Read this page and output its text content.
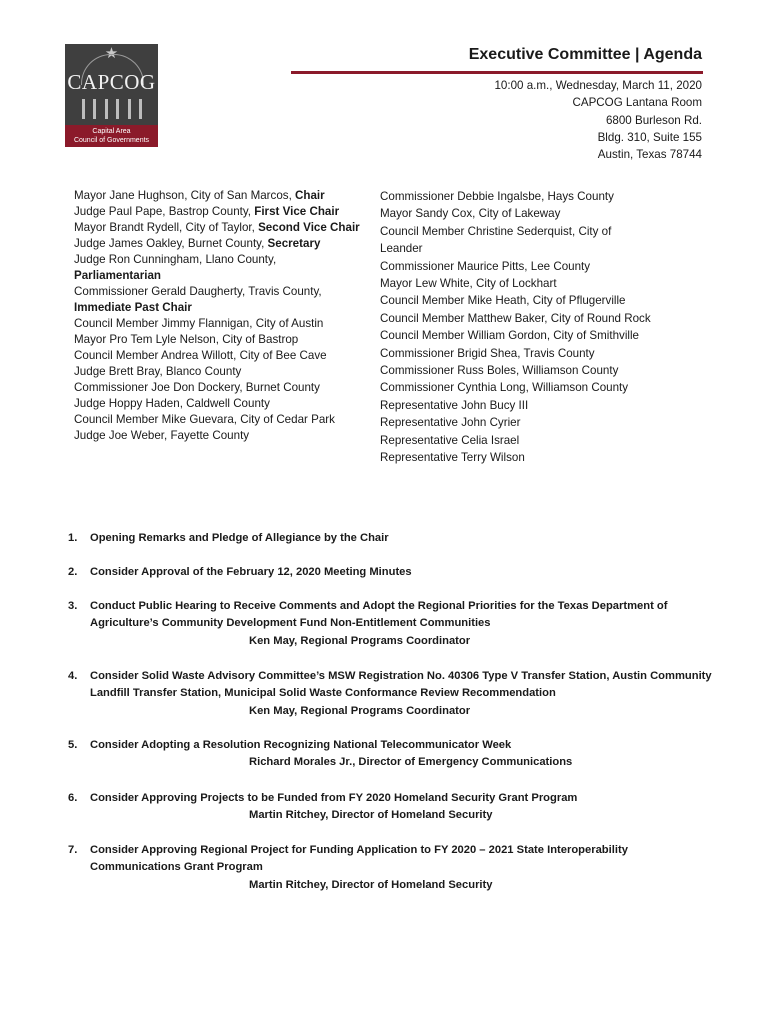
★
CAPCOG
Capital Area
Council of Governments
Executive Committee | Agenda
10:00 a.m., Wednesday, March 11, 2020
CAPCOG Lantana Room
6800 Burleson Rd.
Bldg. 310, Suite 155
Austin, Texas 78744
Mayor Jane Hughson, City of San Marcos, Chair
Judge Paul Pape, Bastrop County, First Vice Chair
Mayor Brandt Rydell, City of Taylor, Second Vice Chair
Judge James Oakley, Burnet County, Secretary
Judge Ron Cunningham, Llano County, Parliamentarian
Commissioner Gerald Daugherty, Travis County, Immediate Past Chair
Council Member Jimmy Flannigan, City of Austin
Mayor Pro Tem Lyle Nelson, City of Bastrop
Council Member Andrea Willott, City of Bee Cave
Judge Brett Bray, Blanco County
Commissioner Joe Don Dockery, Burnet County
Judge Hoppy Haden, Caldwell County
Council Member Mike Guevara, City of Cedar Park
Judge Joe Weber, Fayette County
Commissioner Debbie Ingalsbe, Hays County
Mayor Sandy Cox, City of Lakeway
Council Member Christine Sederquist, City of Leander
Commissioner Maurice Pitts, Lee County
Mayor Lew White, City of Lockhart
Council Member Mike Heath, City of Pflugerville
Council Member Matthew Baker, City of Round Rock
Council Member William Gordon, City of Smithville
Commissioner Brigid Shea, Travis County
Commissioner Russ Boles, Williamson County
Commissioner Cynthia Long, Williamson County
Representative John Bucy III
Representative John Cyrier
Representative Celia Israel
Representative Terry Wilson
1. Opening Remarks and Pledge of Allegiance by the Chair
2. Consider Approval of the February 12, 2020 Meeting Minutes
3. Conduct Public Hearing to Receive Comments and Adopt the Regional Priorities for the Texas Department of Agriculture’s Community Development Fund Non-Entitlement Communities
Ken May, Regional Programs Coordinator
4. Consider Solid Waste Advisory Committee’s MSW Registration No. 40306 Type V Transfer Station, Austin Community Landfill Transfer Station, Municipal Solid Waste Conformance Review Recommendation
Ken May, Regional Programs Coordinator
5. Consider Adopting a Resolution Recognizing National Telecommunicator Week
Richard Morales Jr., Director of Emergency Communications
6. Consider Approving Projects to be Funded from FY 2020 Homeland Security Grant Program
Martin Ritchey, Director of Homeland Security
7. Consider Approving Regional Project for Funding Application to FY 2020 – 2021 State Interoperability Communications Grant Program
Martin Ritchey, Director of Homeland Security
